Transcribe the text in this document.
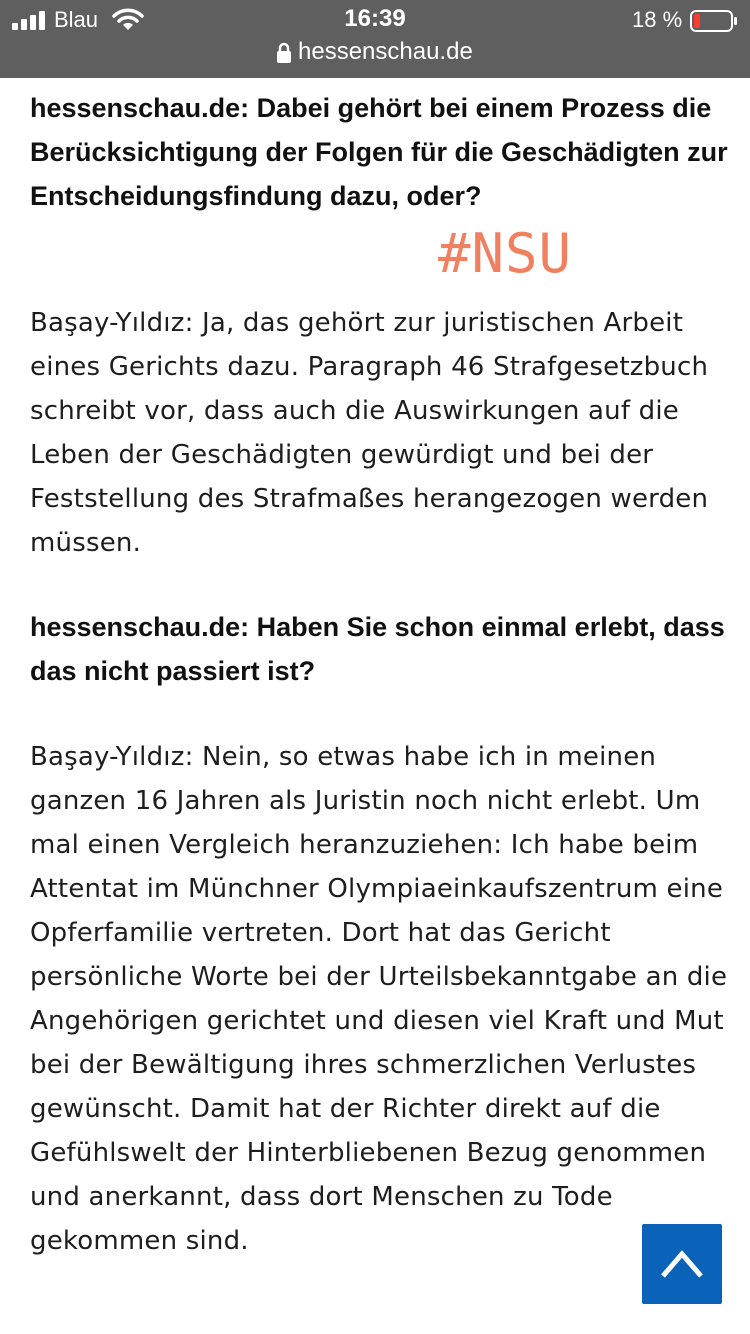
Blau	16:39	18 %
hessenschau.de

hessenschau.de: Dabei gehört bei einem Prozess die Berücksichtigung der Folgen für die Geschädigten zur Entscheidungsfindung dazu, oder?

Başay-Yıldız: Ja, das gehört zur juristischen Arbeit eines Gerichts dazu. Paragraph 46 Strafgesetzbuch schreibt vor, dass auch die Auswirkungen auf die Leben der Geschädigten gewürdigt und bei der Feststellung des Strafmaßes herangezogen werden müssen.

hessenschau.de: Haben Sie schon einmal erlebt, dass das nicht passiert ist?

Başay-Yıldız: Nein, so etwas habe ich in meinen ganzen 16 Jahren als Juristin noch nicht erlebt. Um mal einen Vergleich heranzuziehen: Ich habe beim Attentat im Münchner Olympiaeinkaufszentrum eine Opferfamilie vertreten. Dort hat das Gericht persönliche Worte bei der Urteilsbekanntgabe an die Angehörigen gerichtet und diesen viel Kraft und Mut bei der Bewältigung ihres schmerzlichen Verlustes gewünscht. Damit hat der Richter direkt auf die Gefühlswelt der Hinterbliebenen Bezug genommen und anerkannt, dass dort Menschen zu Tode gekommen sind.

#NSU
